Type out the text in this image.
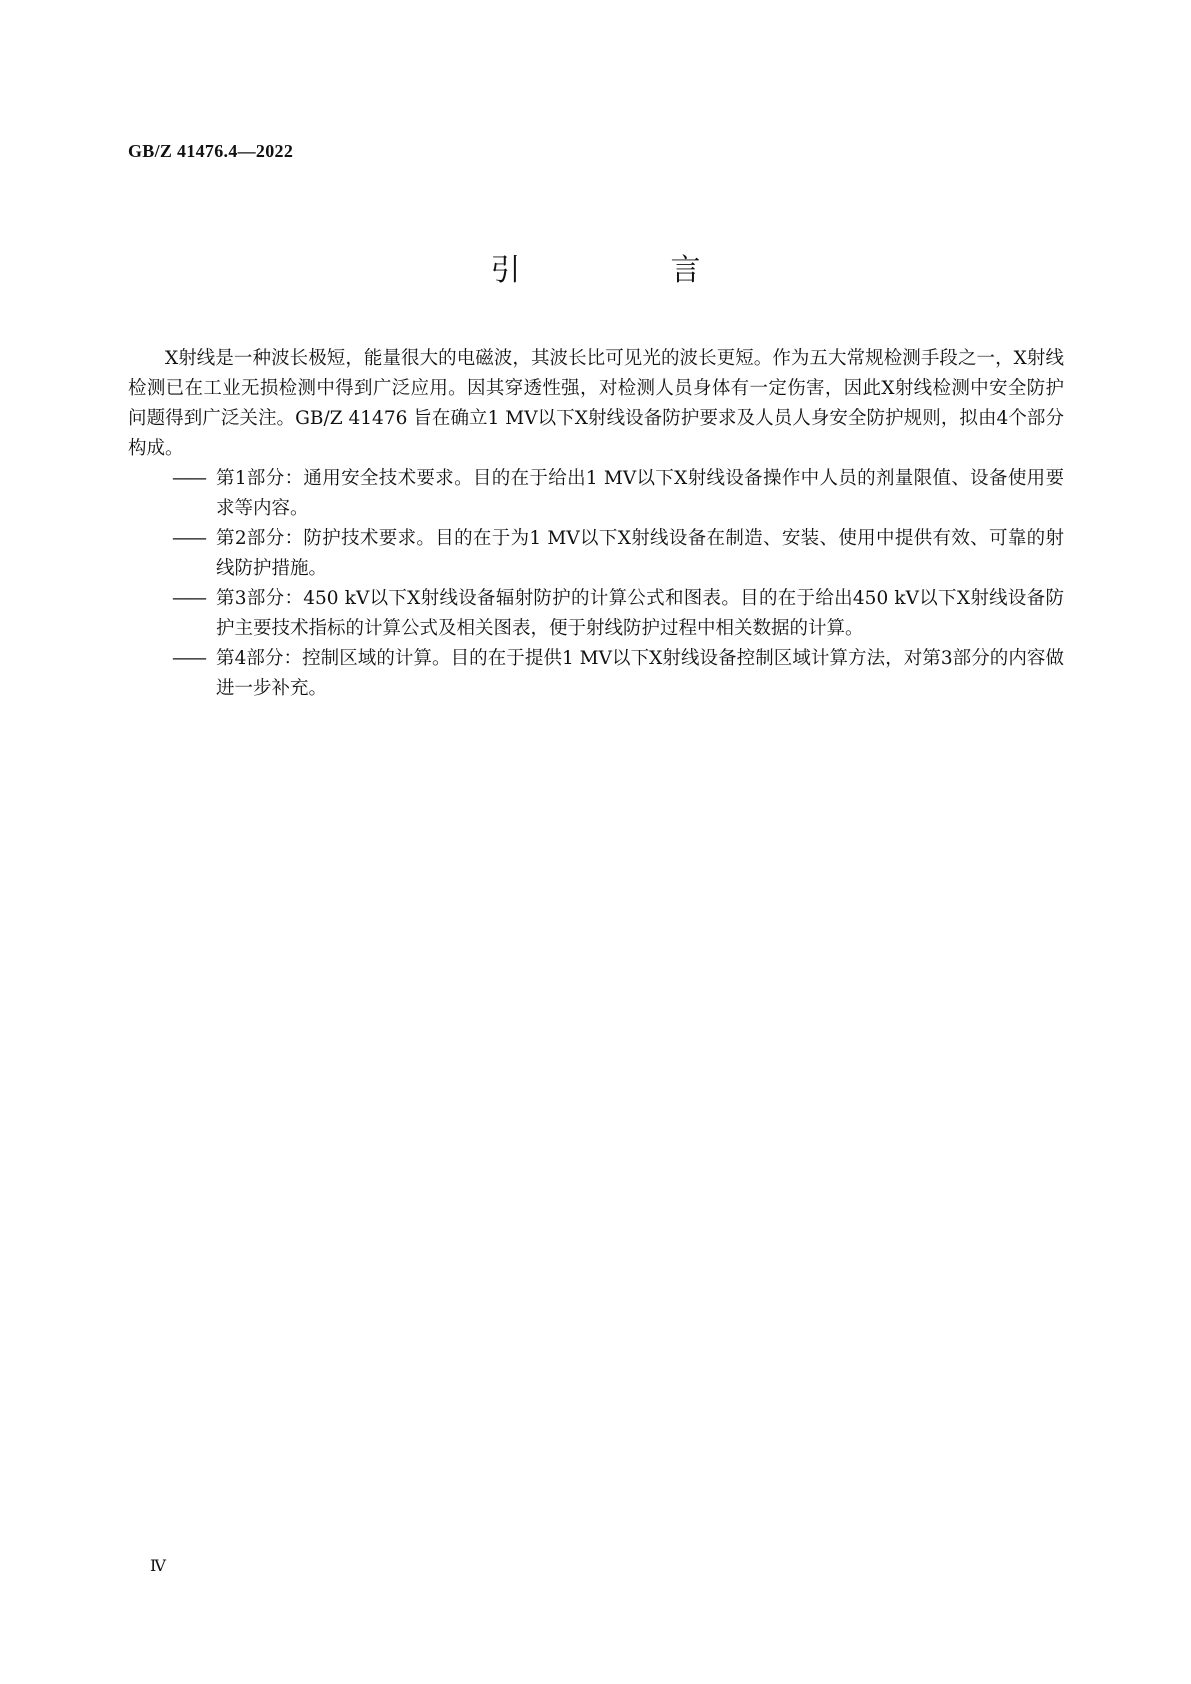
GB/Z 41476.4—2022
引　言

X射线是一种波长极短，能量很大的电磁波，其波长比可见光的波长更短。作为五大常规检测手段之一，X射线检测已在工业无损检测中得到广泛应用。因其穿透性强，对检测人员身体有一定伤害，因此X射线检测中安全防护问题得到广泛关注。GB/Z 41476 旨在确立1 MV以下X射线设备防护要求及人员人身安全防护规则，拟由4个部分构成。

—— 第1部分：通用安全技术要求。目的在于给出1 MV以下X射线设备操作中人员的剂量限值、设备使用要求等内容。
—— 第2部分：防护技术要求。目的在于为1 MV以下X射线设备在制造、安装、使用中提供有效、可靠的射线防护措施。
—— 第3部分：450 kV以下X射线设备辐射防护的计算公式和图表。目的在于给出450 kV以下X射线设备防护主要技术指标的计算公式及相关图表，便于射线防护过程中相关数据的计算。
—— 第4部分：控制区域的计算。目的在于提供1 MV以下X射线设备控制区域计算方法，对第3部分的内容做进一步补充。
Ⅳ
